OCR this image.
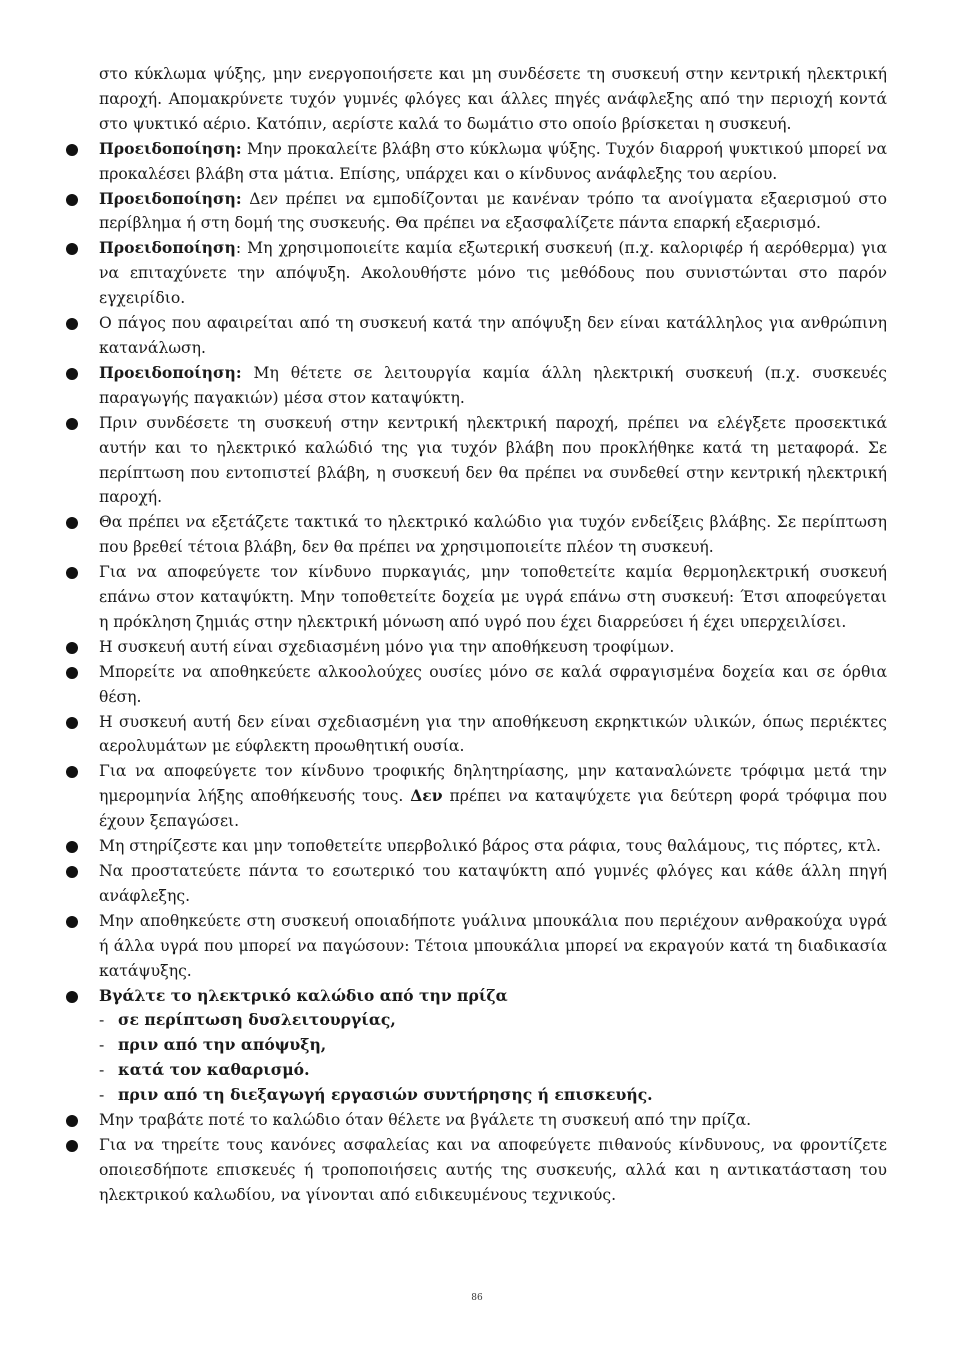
στο κύκλωμα ψύξης, μην ενεργοποιήσετε και μη συνδέσετε τη συσκευή στην κεντρική ηλεκτρική παροχή. Απομακρύνετε τυχόν γυμνές φλόγες και άλλες πηγές ανάφλεξης από την περιοχή κοντά στο ψυκτικό αέριο. Κατόπιν, αερίστε καλά το δωμάτιο στο οποίο βρίσκεται η συσκευή.

Προειδοποίηση: Μην προκαλείτε βλάβη στο κύκλωμα ψύξης. Τυχόν διαρροή ψυκτικού μπορεί να προκαλέσει βλάβη στα μάτια. Επίσης, υπάρχει και ο κίνδυνος ανάφλεξης του αερίου.

Προειδοποίηση: Δεν πρέπει να εμποδίζονται με κανέναν τρόπο τα ανοίγματα εξαερισμού στο περίβλημα ή στη δομή της συσκευής. Θα πρέπει να εξασφαλίζετε πάντα επαρκή εξαερισμό.

Προειδοποίηση: Μη χρησιμοποιείτε καμία εξωτερική συσκευή (π.χ. καλοριφέρ ή αερόθερμα) για να επιταχύνετε την απόψυξη. Ακολουθήστε μόνο τις μεθόδους που συνιστώνται στο παρόν εγχειρίδιο.

Ο πάγος που αφαιρείται από τη συσκευή κατά την απόψυξη δεν είναι κατάλληλος για ανθρώπινη κατανάλωση.

Προειδοποίηση: Μη θέτετε σε λειτουργία καμία άλλη ηλεκτρική συσκευή (π.χ. συσκευές παραγωγής παγακιών) μέσα στον καταψύκτη.

Πριν συνδέσετε τη συσκευή στην κεντρική ηλεκτρική παροχή, πρέπει να ελέγξετε προσεκτικά αυτήν και το ηλεκτρικό καλώδιό της για τυχόν βλάβη που προκλήθηκε κατά τη μεταφορά. Σε περίπτωση που εντοπιστεί βλάβη, η συσκευή δεν θα πρέπει να συνδεθεί στην κεντρική ηλεκτρική παροχή.

Θα πρέπει να εξετάζετε τακτικά το ηλεκτρικό καλώδιο για τυχόν ενδείξεις βλάβης. Σε περίπτωση που βρεθεί τέτοια βλάβη, δεν θα πρέπει να χρησιμοποιείτε πλέον τη συσκευή.

Για να αποφεύγετε τον κίνδυνο πυρκαγιάς, μην τοποθετείτε καμία θερμοηλεκτρική συσκευή επάνω στον καταψύκτη. Μην τοποθετείτε δοχεία με υγρά επάνω στη συσκευή: Έτσι αποφεύγεται η πρόκληση ζημιάς στην ηλεκτρική μόνωση από υγρό που έχει διαρρεύσει ή έχει υπερχειλίσει.

Η συσκευή αυτή είναι σχεδιασμένη μόνο για την αποθήκευση τροφίμων.

Μπορείτε να αποθηκεύετε αλκοολούχες ουσίες μόνο σε καλά σφραγισμένα δοχεία και σε όρθια θέση.

Η συσκευή αυτή δεν είναι σχεδιασμένη για την αποθήκευση εκρηκτικών υλικών, όπως περιέκτες αερολυμάτων με εύφλεκτη προωθητική ουσία.

Για να αποφεύγετε τον κίνδυνο τροφικής δηλητηρίασης, μην καταναλώνετε τρόφιμα μετά την ημερομηνία λήξης αποθήκευσής τους. Δεν πρέπει να καταψύχετε για δεύτερη φορά τρόφιμα που έχουν ξεπαγώσει.

Μη στηρίζεστε και μην τοποθετείτε υπερβολικό βάρος στα ράφια, τους θαλάμους, τις πόρτες, κτλ.

Να προστατεύετε πάντα το εσωτερικό του καταψύκτη από γυμνές φλόγες και κάθε άλλη πηγή ανάφλεξης.

Μην αποθηκεύετε στη συσκευή οποιαδήποτε γυάλινα μπουκάλια που περιέχουν ανθρακούχα υγρά ή άλλα υγρά που μπορεί να παγώσουν: Τέτοια μπουκάλια μπορεί να εκραγούν κατά τη διαδικασία κατάψυξης.

Βγάλτε το ηλεκτρικό καλώδιο από την πρίζα

- σε περίπτωση δυσλειτουργίας,

- πριν από την απόψυξη,

- κατά τον καθαρισμό.

- πριν από τη διεξαγωγή εργασιών συντήρησης ή επισκευής.

Μην τραβάτε ποτέ το καλώδιο όταν θέλετε να βγάλετε τη συσκευή από την πρίζα.

Για να τηρείτε τους κανόνες ασφαλείας και να αποφεύγετε πιθανούς κίνδυνους, να φροντίζετε οποιεσδήποτε επισκευές ή τροποποιήσεις αυτής της συσκευής, αλλά και η αντικατάσταση του ηλεκτρικού καλωδίου, να γίνονται από ειδικευμένους τεχνικούς.

86
